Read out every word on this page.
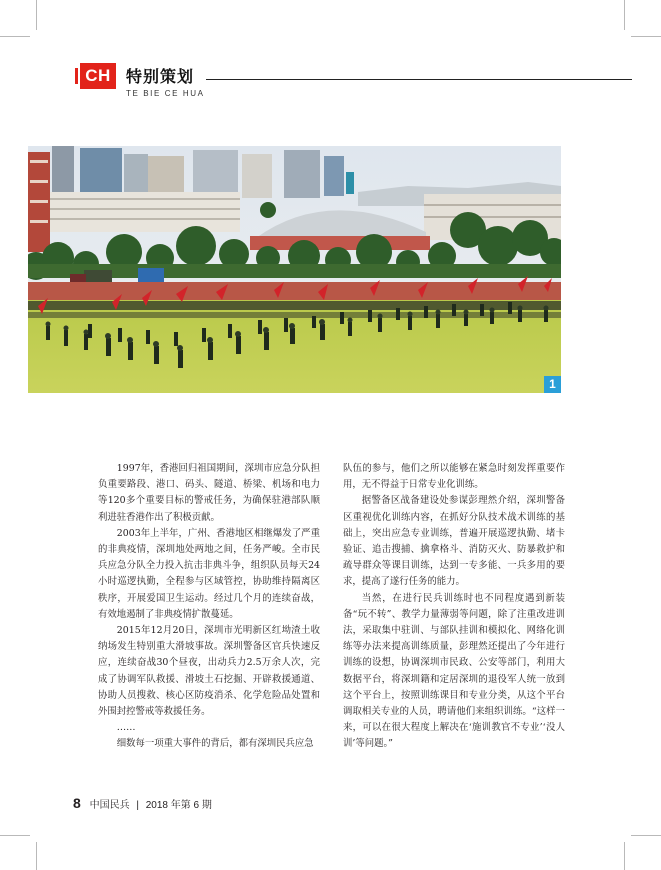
CH 特别策划
TE BIE CE HUA
1

1997年，香港回归祖国期间，深圳市应急分队担负重要路段、港口、码头、隧道、桥梁、机场和电力等120多个重要目标的警戒任务，为确保驻港部队顺利进驻香港作出了积极贡献。

2003年上半年，广州、香港地区相继爆发了严重的非典疫情，深圳地处两地之间，任务严峻。全市民兵应急分队全力投入抗击非典斗争，组织队员每天24小时巡逻执勤，全程参与区域管控，协助维持隔离区秩序，开展爱国卫生运动。经过几个月的连续奋战，有效地遏制了非典疫情扩散蔓延。

2015年12月20日，深圳市光明新区红坳渣土收纳场发生特别重大滑坡事故。深圳警备区官兵快速反应，连续奋战30个昼夜，出动兵力2.5万余人次，完成了协调军队救援、滑坡土石挖掘、开辟救援通道、协助人员搜救、核心区防疫消杀、化学危险品处置和外围封控警戒等救援任务。

……

细数每一项重大事件的背后，都有深圳民兵应急

队伍的参与，他们之所以能够在紧急时刻发挥重要作用，无不得益于日常专业化训练。

据警备区战备建设处参谋彭理然介绍，深圳警备区重视优化训练内容，在抓好分队技术战术训练的基础上，突出应急专业训练，普遍开展巡逻执勤、堵卡验证、追击搜捕、擒拿格斗、消防灭火、防暴救护和疏导群众等课目训练，达到一专多能、一兵多用的要求，提高了遂行任务的能力。

当然，在进行民兵训练时也不同程度遇到新装备“玩不转”、教学力量薄弱等问题，除了注重改进训法，采取集中驻训、与部队挂训和模拟化、网络化训练等办法来提高训练质量，彭理然还提出了今年进行训练的设想，协调深圳市民政、公安等部门，利用大数据平台，将深圳籍和定居深圳的退役军人统一放到这个平台上，按照训练课目和专业分类，从这个平台调取相关专业的人员，聘请他们来组织训练。“这样一来，可以在很大程度上解决在‘施训教官不专业’‘没人训’等问题。”

8 中国民兵 | 2018 年第 6 期
